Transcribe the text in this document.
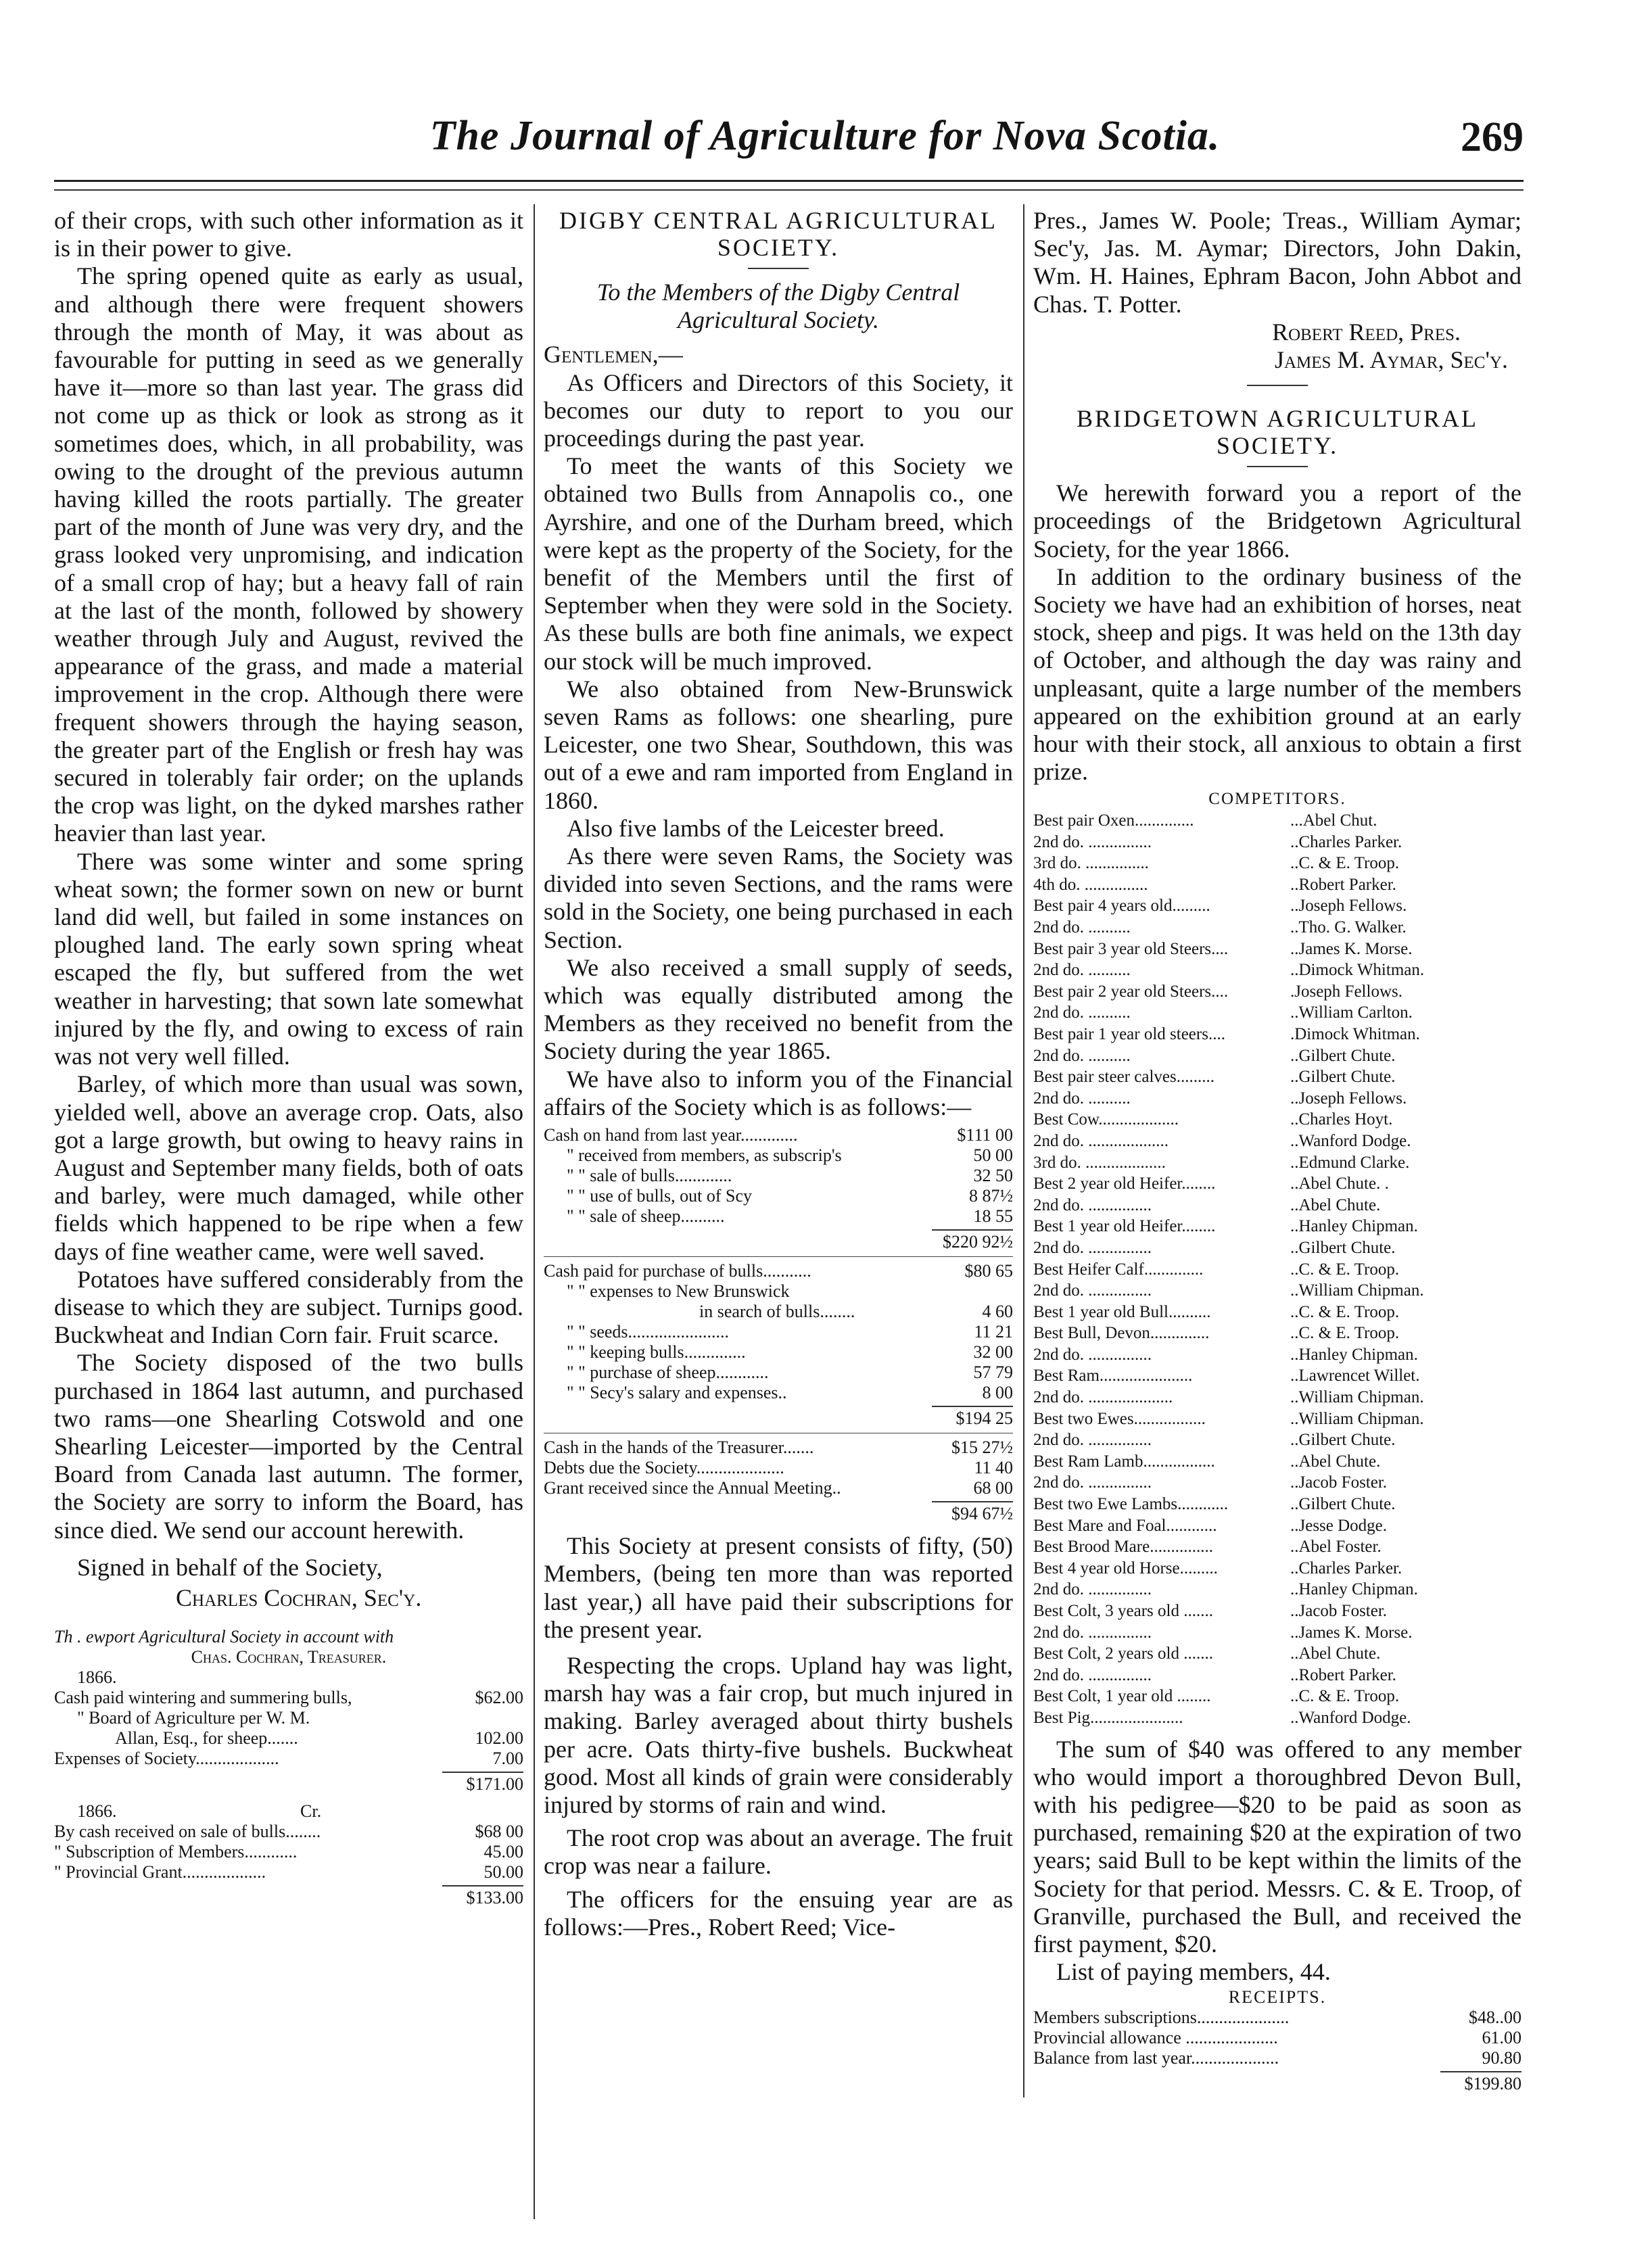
The Journal of Agriculture for Nova Scotia.	269

of their crops, with such other information as it is in their power to give.

The spring opened quite as early as usual, and although there were frequent showers through the month of May, it was about as favourable for putting in seed as we generally have it—more so than last year. The grass did not come up as thick or look as strong as it sometimes does, which, in all probability, was owing to the drought of the previous autumn having killed the roots partially. The greater part of the month of June was very dry, and the grass looked very unpromising, and indication of a small crop of hay; but a heavy fall of rain at the last of the month, followed by showery weather through July and August, revived the appearance of the grass, and made a material improvement in the crop. Although there were frequent showers through the haying season, the greater part of the English or fresh hay was secured in tolerably fair order; on the uplands the crop was light, on the dyked marshes rather heavier than last year.

There was some winter and some spring wheat sown; the former sown on new or burnt land did well, but failed in some instances on ploughed land. The early sown spring wheat escaped the fly, but suffered from the wet weather in harvesting; that sown late somewhat injured by the fly, and owing to excess of rain was not very well filled.

Barley, of which more than usual was sown, yielded well, above an average crop. Oats, also got a large growth, but owing to heavy rains in August and September many fields, both of oats and barley, were much damaged, while other fields which happened to be ripe when a few days of fine weather came, were well saved.

Potatoes have suffered considerably from the disease to which they are subject. Turnips good. Buckwheat and Indian Corn fair. Fruit scarce.

The Society disposed of the two bulls purchased in 1864 last autumn, and purchased two rams—one Shearling Cotswold and one Shearling Leicester—imported by the Central Board from Canada last autumn. The former, the Society are sorry to inform the Board, has since died. We send our account herewith.

Signed in behalf of the Society,

Charles Cochran, Sec'y.

Th . ewport Agricultural Society in account with
Chas. Cochran, Treasurer.
1866.
Cash paid wintering and summering bulls,	$62.00
" Board of Agriculture per W. M.
Allan, Esq., for sheep.......	102.00
Expenses of Society...................	7.00
$171.00
1866.	Cr.
By cash received on sale of bulls........	$68 00
" Subscription of Members............	45.00
" Provincial Grant...................	50.00
$133.00

DIGBY CENTRAL AGRICULTURAL SOCIETY.

To the Members of the Digby Central Agricultural Society.

Gentlemen,—

As Officers and Directors of this Society, it becomes our duty to report to you our proceedings during the past year.

To meet the wants of this Society we obtained two Bulls from Annapolis co., one Ayrshire, and one of the Durham breed, which were kept as the property of the Society, for the benefit of the Members until the first of September when they were sold in the Society. As these bulls are both fine animals, we expect our stock will be much improved.

We also obtained from New-Brunswick seven Rams as follows: one shearling, pure Leicester, one two Shear, Southdown, this was out of a ewe and ram imported from England in 1860.

Also five lambs of the Leicester breed.

As there were seven Rams, the Society was divided into seven Sections, and the rams were sold in the Society, one being purchased in each Section.

We also received a small supply of seeds, which was equally distributed among the Members as they received no benefit from the Society during the year 1865.

We have also to inform you of the Financial affairs of the Society which is as follows:—

Cash on hand from last year.............	$111 00
" received from members, as subscrip's	50 00
" " sale of bulls.............	32 50
" " use of bulls, out of Scy	8 87½
" " sale of sheep..........	18 55
$220 92½
Cash paid for purchase of bulls...........	$80 65
" " expenses to New Brunswick
in search of bulls........	4 60
" " seeds.......................	11 21
" " keeping bulls..............	32 00
" " purchase of sheep............	57 79
" " Secy's salary and expenses..	8 00
$194 25
Cash in the hands of the Treasurer.......	$15 27½
Debts due the Society....................	11 40
Grant received since the Annual Meeting..	68 00
$94 67½

This Society at present consists of fifty, (50) Members, (being ten more than was reported last year,) all have paid their subscriptions for the present year.

Respecting the crops. Upland hay was light, marsh hay was a fair crop, but much injured in making. Barley averaged about thirty bushels per acre. Oats thirty-five bushels. Buckwheat good. Most all kinds of grain were considerably injured by storms of rain and wind.

The root crop was about an average. The fruit crop was near a failure.

The officers for the ensuing year are as follows:—Pres., Robert Reed; Vice-

Pres., James W. Poole; Treas., William Aymar; Sec'y, Jas. M. Aymar; Directors, John Dakin, Wm. H. Haines, Ephram Bacon, John Abbot and Chas. T. Potter.

Robert Reed, Pres.

James M. Aymar, Sec'y.

BRIDGETOWN AGRICULTURAL SOCIETY.

We herewith forward you a report of the proceedings of the Bridgetown Agricultural Society, for the year 1866.

In addition to the ordinary business of the Society we have had an exhibition of horses, neat stock, sheep and pigs. It was held on the 13th day of October, and although the day was rainy and unpleasant, quite a large number of the members appeared on the exhibition ground at an early hour with their stock, all anxious to obtain a first prize.

COMPETITORS.
Best pair Oxen..............	...Abel Chut.
2nd do. ...............	..Charles Parker.
3rd do. ...............	..C. & E. Troop.
4th do. ...............	..Robert Parker.
Best pair 4 years old.........	..Joseph Fellows.
2nd do. ..........	..Tho. G. Walker.
Best pair 3 year old Steers....	..James K. Morse.
2nd do. ..........	..Dimock Whitman.
Best pair 2 year old Steers....	.Joseph Fellows.
2nd do. ..........	..William Carlton.
Best pair 1 year old steers....	.Dimock Whitman.
2nd do. ..........	..Gilbert Chute.
Best pair steer calves.........	..Gilbert Chute.
2nd do. ..........	..Joseph Fellows.
Best Cow...................	..Charles Hoyt.
2nd do. ...................	..Wanford Dodge.
3rd do. ...................	..Edmund Clarke.
Best 2 year old Heifer........	..Abel Chute. .
2nd do. ...............	..Abel Chute.
Best 1 year old Heifer........	..Hanley Chipman.
2nd do. ...............	..Gilbert Chute.
Best Heifer Calf..............	..C. & E. Troop.
2nd do. ...............	..William Chipman.
Best 1 year old Bull..........	..C. & E. Troop.
Best Bull, Devon..............	..C. & E. Troop.
2nd do. ...............	..Hanley Chipman.
Best Ram......................	..Lawrencet Willet.
2nd do. ....................	..William Chipman.
Best two Ewes.................	..William Chipman.
2nd do. ...............	..Gilbert Chute.
Best Ram Lamb.................	..Abel Chute.
2nd do. ...............	..Jacob Foster.
Best two Ewe Lambs............	..Gilbert Chute.
Best Mare and Foal............	..Jesse Dodge.
Best Brood Mare...............	..Abel Foster.
Best 4 year old Horse.........	..Charles Parker.
2nd do. ...............	..Hanley Chipman.
Best Colt, 3 years old .......	..Jacob Foster.
2nd do. ...............	..James K. Morse.
Best Colt, 2 years old .......	..Abel Chute.
2nd do. ...............	..Robert Parker.
Best Colt, 1 year old ........	..C. & E. Troop.
Best Pig......................	..Wanford Dodge.

The sum of $40 was offered to any member who would import a thoroughbred Devon Bull, with his pedigree—$20 to be paid as soon as purchased, remaining $20 at the expiration of two years; said Bull to be kept within the limits of the Society for that period. Messrs. C. & E. Troop, of Granville, purchased the Bull, and received the first payment, $20.

List of paying members, 44.

RECEIPTS.
Members subscriptions.....................	$48..00
Provincial allowance .....................	61.00
Balance from last year....................	90.80
$199.80
